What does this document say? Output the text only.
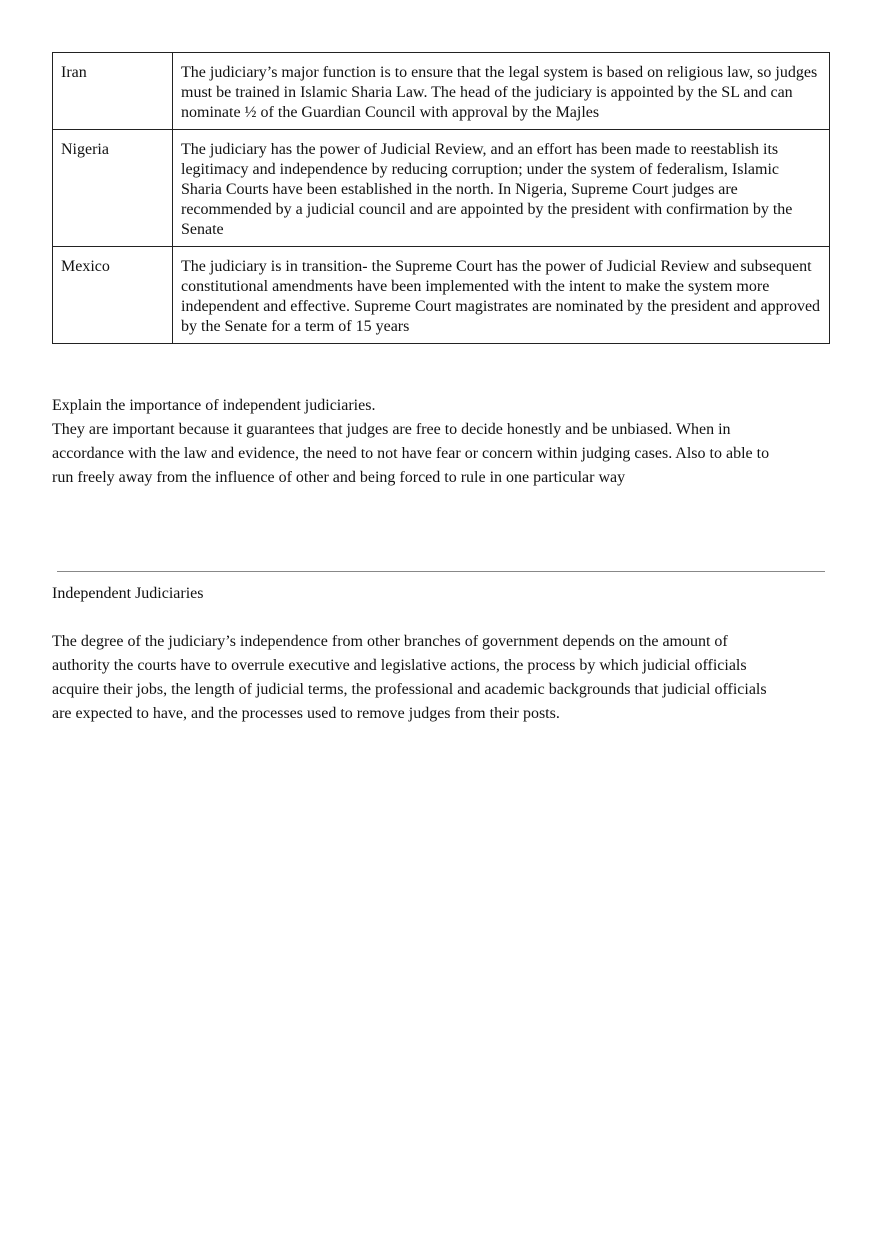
Iran	The judiciary’s major function is to ensure that the legal system is based on religious law, so judges must be trained in Islamic Sharia Law. The head of the judiciary is appointed by the SL and can nominate ½ of the Guardian Council with approval by the Majles
Nigeria	The judiciary has the power of Judicial Review, and an effort has been made to reestablish its legitimacy and independence by reducing corruption; under the system of federalism, Islamic Sharia Courts have been established in the north. In Nigeria, Supreme Court judges are recommended by a judicial council and are appointed by the president with confirmation by the Senate
Mexico	The judiciary is in transition- the Supreme Court has the power of Judicial Review and subsequent constitutional amendments have been implemented with the intent to make the system more independent and effective. Supreme Court magistrates are nominated by the president and approved by the Senate for a term of 15 years

Explain the importance of independent judiciaries.

They are important because it guarantees that judges are free to decide honestly and be unbiased. When in accordance with the law and evidence, the need to not have fear or concern within judging cases. Also to able to run freely away from the influence of other and being forced to rule in one particular way

Independent Judiciaries

The degree of the judiciary’s independence from other branches of government depends on the amount of authority the courts have to overrule executive and legislative actions, the process by which judicial officials acquire their jobs, the length of judicial terms, the professional and academic backgrounds that judicial officials are expected to have, and the processes used to remove judges from their posts.
